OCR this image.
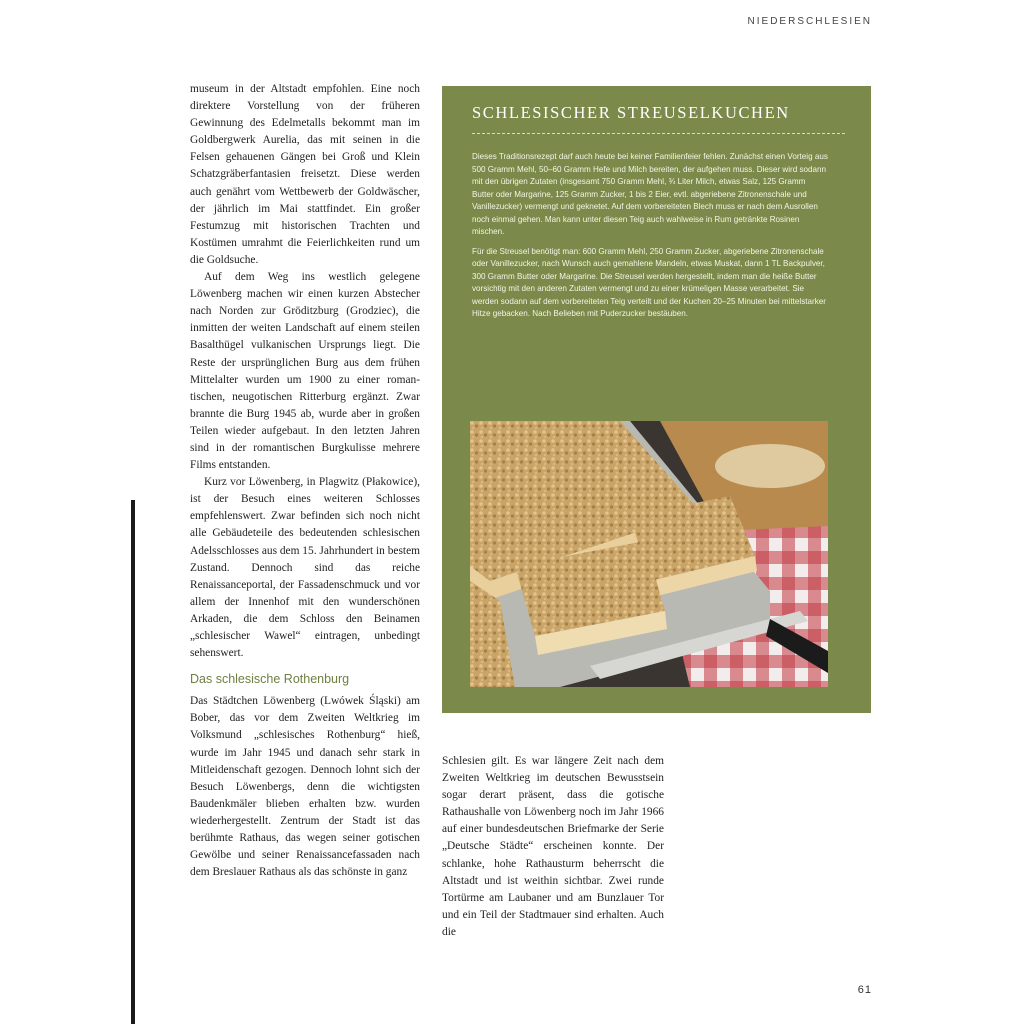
NIEDERSCHLESIEN

museum in der Altstadt empfohlen. Eine noch direktere Vorstellung von der früheren Gewinnung des Edelmetalls bekommt man im Goldbergwerk Aurelia, das mit seinen in die Felsen gehauenen Gängen bei Groß und Klein Schatzgräberfantasien freisetzt. Diese werden auch genährt vom Wettbewerb der Goldwäscher, der jährlich im Mai stattfindet. Ein großer Festumzug mit historischen Trachten und Kostümen umrahmt die Feierlichkeiten rund um die Goldsuche.

Auf dem Weg ins westlich gelegene Löwenberg machen wir einen kurzen Abstecher nach Norden zur Gröditzburg (Grodziec), die inmitten der weiten Landschaft auf einem steilen Basalthügel vulkanischen Ursprungs liegt. Die Reste der ursprünglichen Burg aus dem frühen Mittelalter wurden um 1900 zu einer romantischen, neugotischen Ritterburg ergänzt. Zwar brannte die Burg 1945 ab, wurde aber in großen Teilen wieder aufgebaut. In den letzten Jahren sind in der romantischen Burgkulisse mehrere Films entstanden.

Kurz vor Löwenberg, in Plagwitz (Płakowice), ist der Besuch eines weiteren Schlosses empfehlenswert. Zwar befinden sich noch nicht alle Gebäudeteile des bedeutenden schlesischen Adelsschlosses aus dem 15. Jahrhundert in bestem Zustand. Dennoch sind das reiche Renaissanceportal, der Fassadenschmuck und vor allem der Innenhof mit den wunderschönen Arkaden, die dem Schloss den Beinamen „schlesischer Wawel“ eintragen, unbedingt sehenswert.

Das schlesische Rothenburg

Das Städtchen Löwenberg (Lwówek Śląski) am Bober, das vor dem Zweiten Weltkrieg im Volksmund „schlesisches Rothenburg“ hieß, wurde im Jahr 1945 und danach sehr stark in Mitleidenschaft gezogen. Dennoch lohnt sich der Besuch Löwenbergs, denn die wichtigsten Baudenkmäler blieben erhalten bzw. wurden wiederhergestellt. Zentrum der Stadt ist das berühmte Rathaus, das wegen seiner gotischen Gewölbe und seiner Renaissancefassaden nach dem Breslauer Rathaus als das schönste in ganz

SCHLESISCHER STREUSELKUCHEN

Dieses Traditionsrezept darf auch heute bei keiner Familienfeier fehlen. Zunächst einen Vorteig aus 500 Gramm Mehl, 50–60 Gramm Hefe und Milch bereiten, der aufgehen muss. Dieser wird sodann mit den übrigen Zutaten (insgesamt 750 Gramm Mehl, ¾ Liter Milch, etwas Salz, 125 Gramm Butter oder Margarine, 125 Gramm Zucker, 1 bis 2 Eier, evtl. abgeriebene Zitronenschale und Vanillezucker) vermengt und geknetet. Auf dem vorbereiteten Blech muss er nach dem Ausrollen noch einmal gehen. Man kann unter diesen Teig auch wahlweise in Rum getränkte Rosinen mischen.

Für die Streusel benötigt man: 600 Gramm Mehl, 250 Gramm Zucker, abgeriebene Zitronenschale oder Vanillezucker, nach Wunsch auch gemahlene Mandeln, etwas Muskat, dann 1 TL Backpulver, 300 Gramm Butter oder Margarine. Die Streusel werden hergestellt, indem man die heiße Butter vorsichtig mit den anderen Zutaten vermengt und zu einer krümeligen Masse verarbeitet. Sie werden sodann auf dem vorbereiteten Teig verteilt und der Kuchen 20–25 Minuten bei mittelstarker Hitze gebacken. Nach Belieben mit Puderzucker bestäuben.

Schlesien gilt. Es war längere Zeit nach dem Zweiten Weltkrieg im deutschen Bewusstsein sogar derart präsent, dass die gotische Rathaushalle von Löwenberg noch im Jahr 1966 auf einer bundesdeutschen Briefmarke der Serie „Deutsche Städte“ erscheinen konnte. Der schlanke, hohe Rathausturm beherrscht die Altstadt und ist weithin sichtbar. Zwei runde Tortürme am Laubaner und am Bunzlauer Tor und ein Teil der Stadtmauer sind erhalten. Auch die

61
